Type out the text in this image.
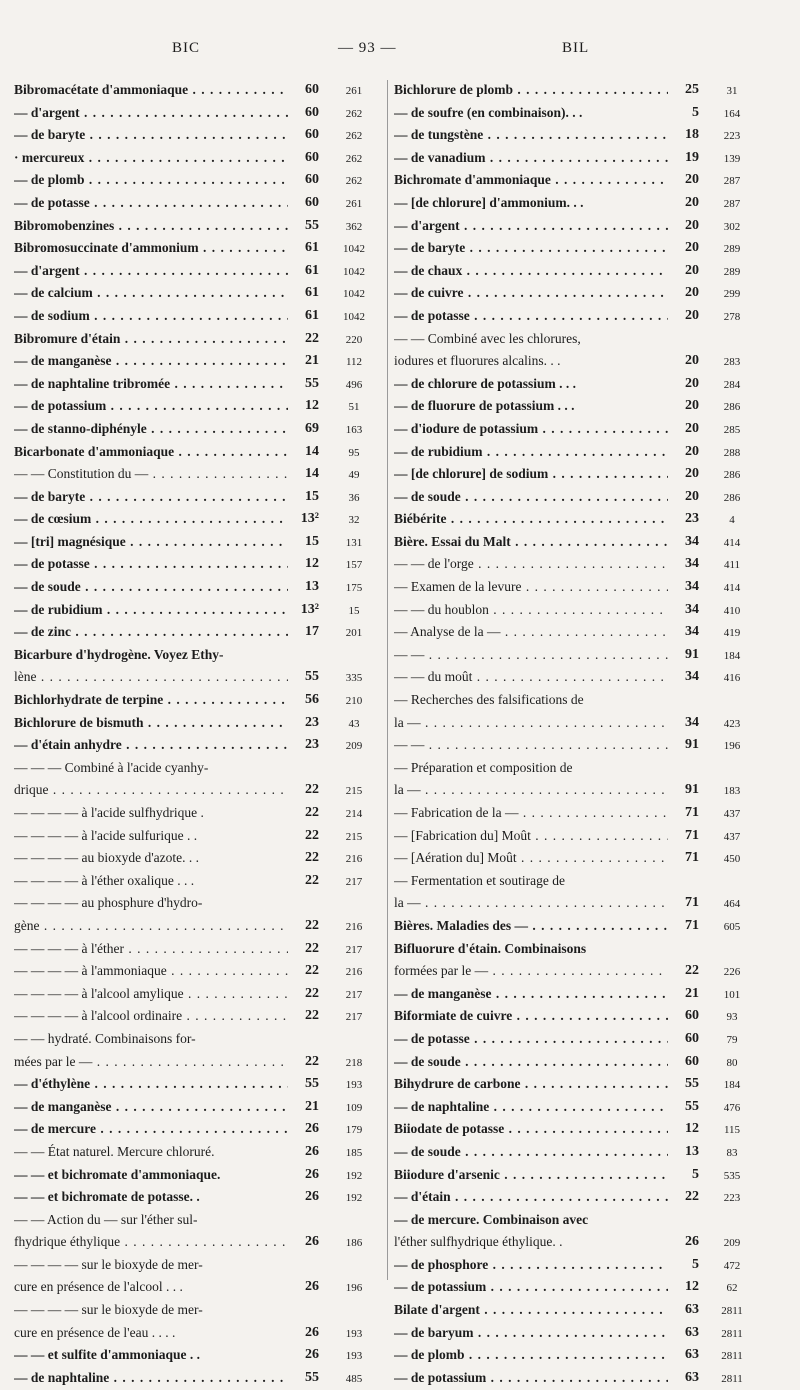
BIC	— 93 —	BIL
Bibromacétate d'ammoniaque . . .	60	261
— d'argent . . .	60	262
— de baryte . . .	60	262
· mercureux . . .	60	262
— de plomb . . .	60	262
— de potasse . . .	60	261
Bibromobenzines . . .	55	362
Bibromosuccinate d'ammonium . . .	61	1042
— d'argent . . .	61	1042
— de calcium . . .	61	1042
— de sodium . . .	61	1042
Bibromure d'étain . . .	22	220
— de manganèse . . .	21	112
— de naphtaline tribromée . . .	55	496
— de potassium . . .	12	51
— de stanno-diphényle . . .	69	163
Bicarbonate d'ammoniaque . . .	14	95
— — Constitution du — . . .	14	49
— de baryte . . .	15	36
— de cœsium . . .	13²	32
— [tri] magnésique . . .	15	131
— de potasse . . .	12	157
— de soude . . .	13	175
— de rubidium . . .	13²	15
— de zinc . . .	17	201
Bicarbure d'hydrogène. Voyez Ethy-
lène . . .	55	335
Bichlorhydrate de terpine . . .	56	210
Bichlorure de bismuth . . .	23	43
— d'étain anhydre . . .	23	209
— — — Combiné à l'acide cyanhy-
drique . . .	22	215
— — — — à l'acide sulfhydrique .	22	214
— — — — à l'acide sulfurique . .	22	215
— — — — au bioxyde d'azote. . .	22	216
— — — — à l'éther oxalique . . .	22	217
— — — — au phosphure d'hydro-
gène . . .	22	216
— — — — à l'éther . . .	22	217
— — — — à l'ammoniaque . . .	22	216
— — — — à l'alcool amylique . . .	22	217
— — — — à l'alcool ordinaire . . .	22	217
— — hydraté. Combinaisons for-
mées par le — . . .	22	218
— d'éthylène . . .	55	193
— de manganèse . . .	21	109
— de mercure . . .	26	179
— — État naturel. Mercure chloruré.	26	185
— — et bichromate d'ammoniaque.	26	192
— — et bichromate de potasse. .	26	192
— — Action du — sur l'éther sul-
fhydrique éthylique . . .	26	186
— — — — sur le bioxyde de mer-
cure en présence de l'alcool . . .	26	196
— — — — sur le bioxyde de mer-
cure en présence de l'eau . . . .	26	193
— — et sulfite d'ammoniaque . .	26	193
— de naphtaline . . .	55	485
Bichlorure de plomb . . .	25	31
— de soufre (en combinaison). . .	5	164
— de tungstène . . .	18	223
— de vanadium . . .	19	139
Bichromate d'ammoniaque . . .	20	287
— [de chlorure] d'ammonium. . .	20	287
— d'argent . . .	20	302
— de baryte . . .	20	289
— de chaux . . .	20	289
— de cuivre . . .	20	299
— de potasse . . .	20	278
— — Combiné avec les chlorures,
iodures et fluorures alcalins. . .	20	283
— de chlorure de potassium . . .	20	284
— de fluorure de potassium . . .	20	286
— d'iodure de potassium . . .	20	285
— de rubidium . . .	20	288
— [de chlorure] de sodium . . .	20	286
— de soude . . .	20	286
Biébérite . . .	23	4
Bière. Essai du Malt . . .	34	414
— — de l'orge . . .	34	411
— Examen de la levure . . .	34	414
— — du houblon . . .	34	410
— Analyse de la — . . .	34	419
— — . . .	91	184
— — du moût . . .	34	416
— Recherches des falsifications de
la — . . .	34	423
— — . . .	91	196
— Préparation et composition de
la — . . .	91	183
— Fabrication de la — . . .	71	437
— [Fabrication du] Moût . . .	71	437
— [Aération du] Moût . . .	71	450
— Fermentation et soutirage de
la — . . .	71	464
Bières. Maladies des — . . .	71	605
Bifluorure d'étain. Combinaisons
formées par le — . . .	22	226
— de manganèse . . .	21	101
Biformiate de cuivre . . .	60	93
— de potasse . . .	60	79
— de soude . . .	60	80
Bihydrure de carbone . . .	55	184
— de naphtaline . . .	55	476
Biiodate de potasse . . .	12	115
— de soude . . .	13	83
Biiodure d'arsenic . . .	5	535
— d'étain . . .	22	223
— de mercure. Combinaison avec
l'éther sulfhydrique éthylique. .	26	209
— de phosphore . . .	5	472
— de potassium . . .	12	62
Bilate d'argent . . .	63	2811
— de baryum . . .	63	2811
— de plomb . . .	63	2811
— de potassium . . .	63	2811
